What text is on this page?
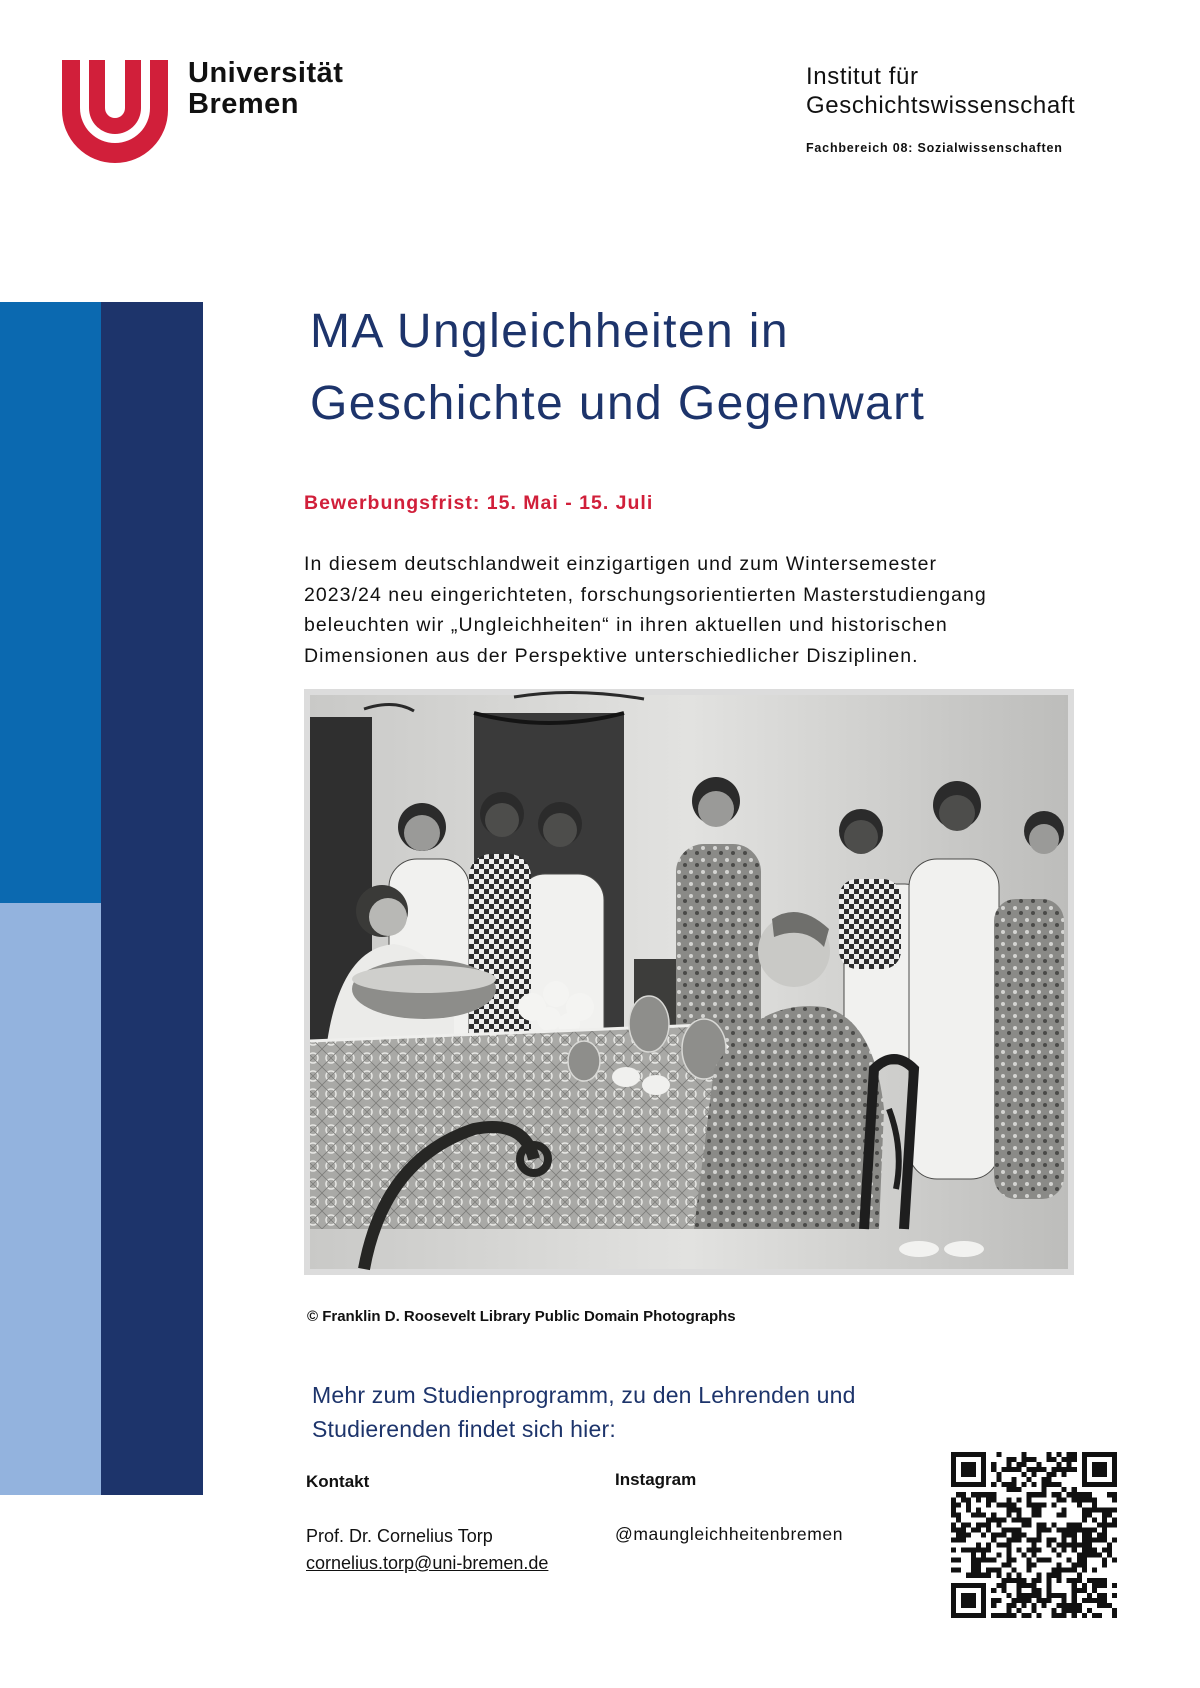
Universität
Bremen
Institut für
Geschichtswissenschaft
Fachbereich 08: Sozialwissenschaften
MA Ungleichheiten in
Geschichte und Gegenwart
Bewerbungsfrist: 15. Mai - 15. Juli
In diesem deutschlandweit einzigartigen und zum Wintersemester
2023/24 neu eingerichteten, forschungsorientierten Masterstudiengang
beleuchten wir „Ungleichheiten“ in ihren aktuellen und historischen
Dimensionen aus der Perspektive unterschiedlicher Disziplinen.
© Franklin D. Roosevelt Library Public Domain Photographs
Mehr zum Studienprogramm, zu den Lehrenden und
Studierenden findet sich hier:
Kontakt
Prof. Dr. Cornelius Torp
cornelius.torp@uni-bremen.de
Instagram
@maungleichheitenbremen
